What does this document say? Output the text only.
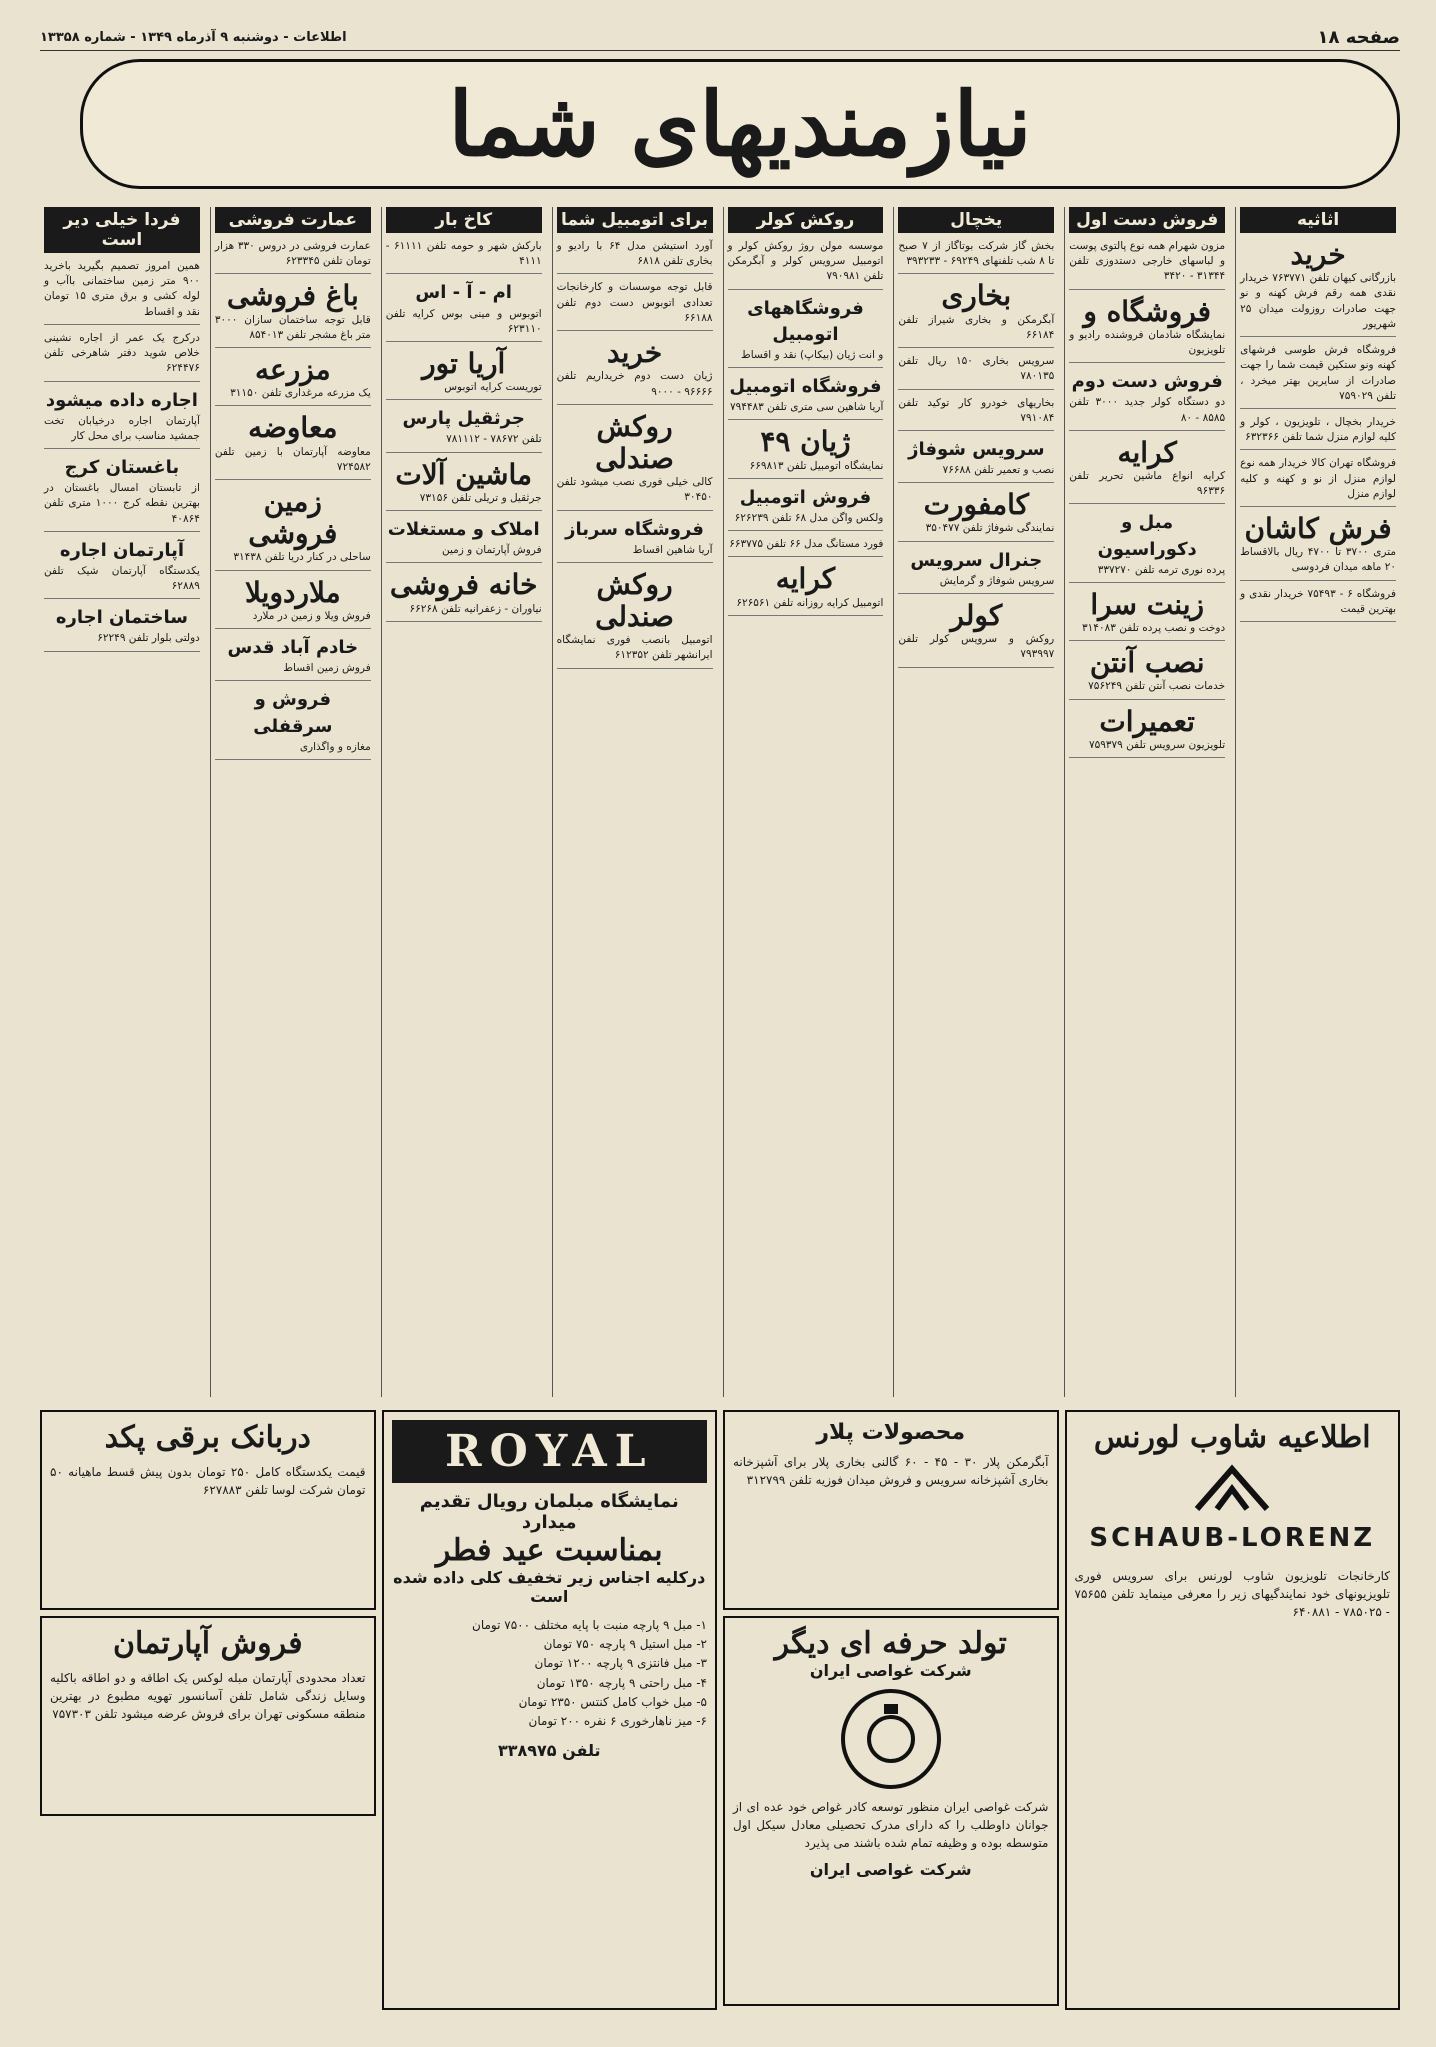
صفحه ۱۸
اطلاعات - دوشنبه ۹ آذرماه ۱۳۴۹ - شماره ۱۳۳۵۸
نیازمندیهای شما
اثاثیه
خرید
بازرگانی کیهان تلفن ۷۶۳۷۷۱ خریدار نقدی همه رقم فرش کهنه و نو جهت صادرات روزولت میدان ۲۵ شهریور
فروشگاه فرش طوسی فرشهای کهنه ونو ستکین قیمت شما را جهت صادرات از سایرین بهتر میخرد ، تلفن ۷۵۹۰۲۹
خریدار بخچال ، تلویزیون ، کولر و کلیه لوازم منزل شما تلفن ۶۳۲۳۶۶
فروشگاه تهران کالا خریدار همه نوع لوازم منزل از نو و کهنه و کلیه لوازم منزل
فرش کاشان
متری ۳۷۰۰ تا ۴۷۰۰ ریال بالاقساط ۲۰ ماهه میدان فردوسی
فروشگاه ۶ - ۷۵۴۹۳ خریدار نقدی و بهترین قیمت
فروش دست اول
مزون شهرام همه نوع پالتوی پوست و لباسهای خارجی دستدوزی تلفن ۳۱۳۴۴ - ۳۴۲۰
فروشگاه و
نمایشگاه شادمان فروشنده رادیو و تلویزیون
فروش دست دوم
دو دستگاه کولر جدید ۳۰۰۰ تلفن ۸۵۸۵ - ۸۰
کرایه
کرایه انواع ماشین تحریر تلفن ۹۶۳۳۶
مبل و دکوراسیون
پرده نوری ترمه تلفن ۳۳۷۲۷۰
زینت سرا
دوخت و نصب پرده تلفن ۳۱۴۰۸۳
نصب آنتن
خدمات نصب آنتن تلفن ۷۵۶۲۴۹
تعمیرات
تلویزیون سرویس تلفن ۷۵۹۳۷۹
یخچال
بخش گاز شرکت بوتاگاز از ۷ صبح تا ۸ شب تلفنهای ۶۹۲۴۹ - ۳۹۳۲۳۳
بخاری
آبگرمکن و بخاری شیراز تلفن ۶۶۱۸۴
سرویس بخاری ۱۵۰ ریال تلفن ۷۸۰۱۳۵
بخاریهای خودرو کار توکید تلفن ۷۹۱۰۸۴
سرویس شوفاژ
نصب و تعمیر تلفن ۷۶۶۸۸
کامفورت
نمایندگی شوفاژ تلفن ۳۵۰۴۷۷
جنرال سرویس
سرویس شوفاژ و گرمایش
کولر
روکش و سرویس کولر تلفن ۷۹۳۹۹۷
روکش کولر
موسسه مولن روژ روکش کولر و اتومبیل سرویس کولر و آبگرمکن تلفن ۷۹۰۹۸۱
فروشگاههای اتومبیل
و انت ژیان (بیکاپ) نقد و اقساط
فروشگاه اتومبیل
آریا شاهین سی متری تلفن ۷۹۴۴۸۳
ژیان ۴۹
نمایشگاه اتومبیل تلفن ۶۶۹۸۱۳
فروش اتومبیل
ولکس واگن مدل ۶۸ تلفن ۶۲۶۲۳۹
فورد مستانگ مدل ۶۶ تلفن ۶۶۳۷۷۵
کرایه
اتومبیل کرایه روزانه تلفن ۶۲۶۵۶۱
برای اتومبیل شما
آورد استیشن مدل ۶۴ با رادیو و بخاری تلفن ۶۸۱۸
قابل توجه موسسات و کارخانجات تعدادی اتوبوس دست دوم تلفن ۶۶۱۸۸
خرید
ژیان دست دوم خریداریم تلفن ۹۶۶۶۶ - ۹۰۰۰
روکش صندلی
کالی خیلی فوری نصب میشود تلفن ۳۰۴۵۰
فروشگاه سرباز
آریا شاهین اقساط
روکش صندلی
اتومبیل بانصب فوری نمایشگاه ایرانشهر تلفن ۶۱۲۳۵۲
کاخ بار
بارکش شهر و حومه تلفن ۶۱۱۱۱ - ۴۱۱۱
ام - آ - اس
اتوبوس و مینی بوس کرایه تلفن ۶۲۳۱۱۰
آریا تور
توریست کرایه اتوبوس
جرثقیل پارس
تلفن ۷۸۶۷۲ - ۷۸۱۱۱۲
ماشین آلات
جرثقیل و تریلی تلفن ۷۳۱۵۶
املاک و مستغلات
فروش آپارتمان و زمین
خانه فروشی
نیاوران - زعفرانیه تلفن ۶۶۲۶۸
عمارت فروشی
عمارت فروشی در دروس ۳۳۰ هزار تومان تلفن ۶۲۳۳۴۵
باغ فروشی
قابل توجه ساختمان سازان ۳۰۰۰ متر باغ مشجر تلفن ۸۵۴۰۱۳
مزرعه
یک مزرعه مرغداری تلفن ۳۱۱۵۰
معاوضه
معاوضه آپارتمان با زمین تلفن ۷۲۴۵۸۲
زمین فروشی
ساحلی در کنار دریا تلفن ۳۱۴۳۸
ملاردویلا
فروش ویلا و زمین در ملارد
خادم آباد قدس
فروش زمین اقساط
فروش و سرقفلی
مغازه و واگذاری
فردا خیلی دیر است
همین امروز تصمیم بگیرید باخرید ۹۰۰ متر زمین ساختمانی باآب و لوله کشی و برق متری ۱۵ تومان نقد و اقساط
درکرج یک عمر از اجاره نشینی خلاص شوید دفتر شاهرخی تلفن ۶۲۴۴۷۶
اجاره داده میشود
آپارتمان اجاره درخیابان تخت جمشید مناسب برای محل کار
باغستان کرج
از تابستان امسال باغستان در بهترین نقطه کرج ۱۰۰۰ متری تلفن ۴۰۸۶۴
آپارتمان اجاره
یکدستگاه آپارتمان شیک تلفن ۶۲۸۸۹
ساختمان اجاره
دولتی بلوار تلفن ۶۲۲۴۹
اطلاعیه شاوب لورنس
SCHAUB-LORENZ

کارخانجات تلویزیون شاوب لورنس برای سرویس فوری تلویزیونهای خود نمایندگیهای زیر را معرفی مینماید تلفن ۷۵۶۵۵ - ۷۸۵۰۲۵ - ۶۴۰۸۸۱

محصولات پلار

آبگرمکن پلار ۳۰ - ۴۵ - ۶۰ گالنی بخاری پلار برای آشپزخانه بخاری آشپزخانه سرویس و فروش میدان فوزیه تلفن ۳۱۲۷۹۹

تولد حرفه ای دیگر
شرکت غواصی ایران

شرکت غواصی ایران منظور توسعه کادر غواص خود عده ای از جوانان داوطلب را که دارای مدرک تحصیلی معادل سیکل اول متوسطه بوده و وظیفه تمام شده باشند می پذیرد

شرکت غواصی ایران
ROYAL
نمایشگاه مبلمان رویال تقدیم میدارد
بمناسبت عید فطر
درکلیه اجناس زیر تخفیف کلی داده شده است
۱- مبل ۹ پارچه منبت با پایه مختلف ۷۵۰۰ تومان
۲- مبل استیل ۹ پارچه ۷۵۰ تومان
۳- مبل فانتزی ۹ پارچه ۱۲۰۰ تومان
۴- مبل راحتی ۹ پارچه ۱۳۵۰ تومان
۵- مبل خواب کامل کنتس ۲۳۵۰ تومان
۶- میز ناهارخوری ۶ نفره ۲۰۰ تومان
تلفن ۳۳۸۹۷۵
دربانک برقی پکد

قیمت یکدستگاه کامل ۲۵۰ تومان بدون پیش قسط ماهیانه ۵۰ تومان شرکت لوسا تلفن ۶۲۷۸۸۳

فروش آپارتمان

تعداد محدودی آپارتمان مبله لوکس یک اطاقه و دو اطاقه باکلیه وسایل زندگی شامل تلفن آسانسور تهویه مطبوع در بهترین منطقه مسکونی تهران برای فروش عرضه میشود تلفن ۷۵۷۳۰۳
